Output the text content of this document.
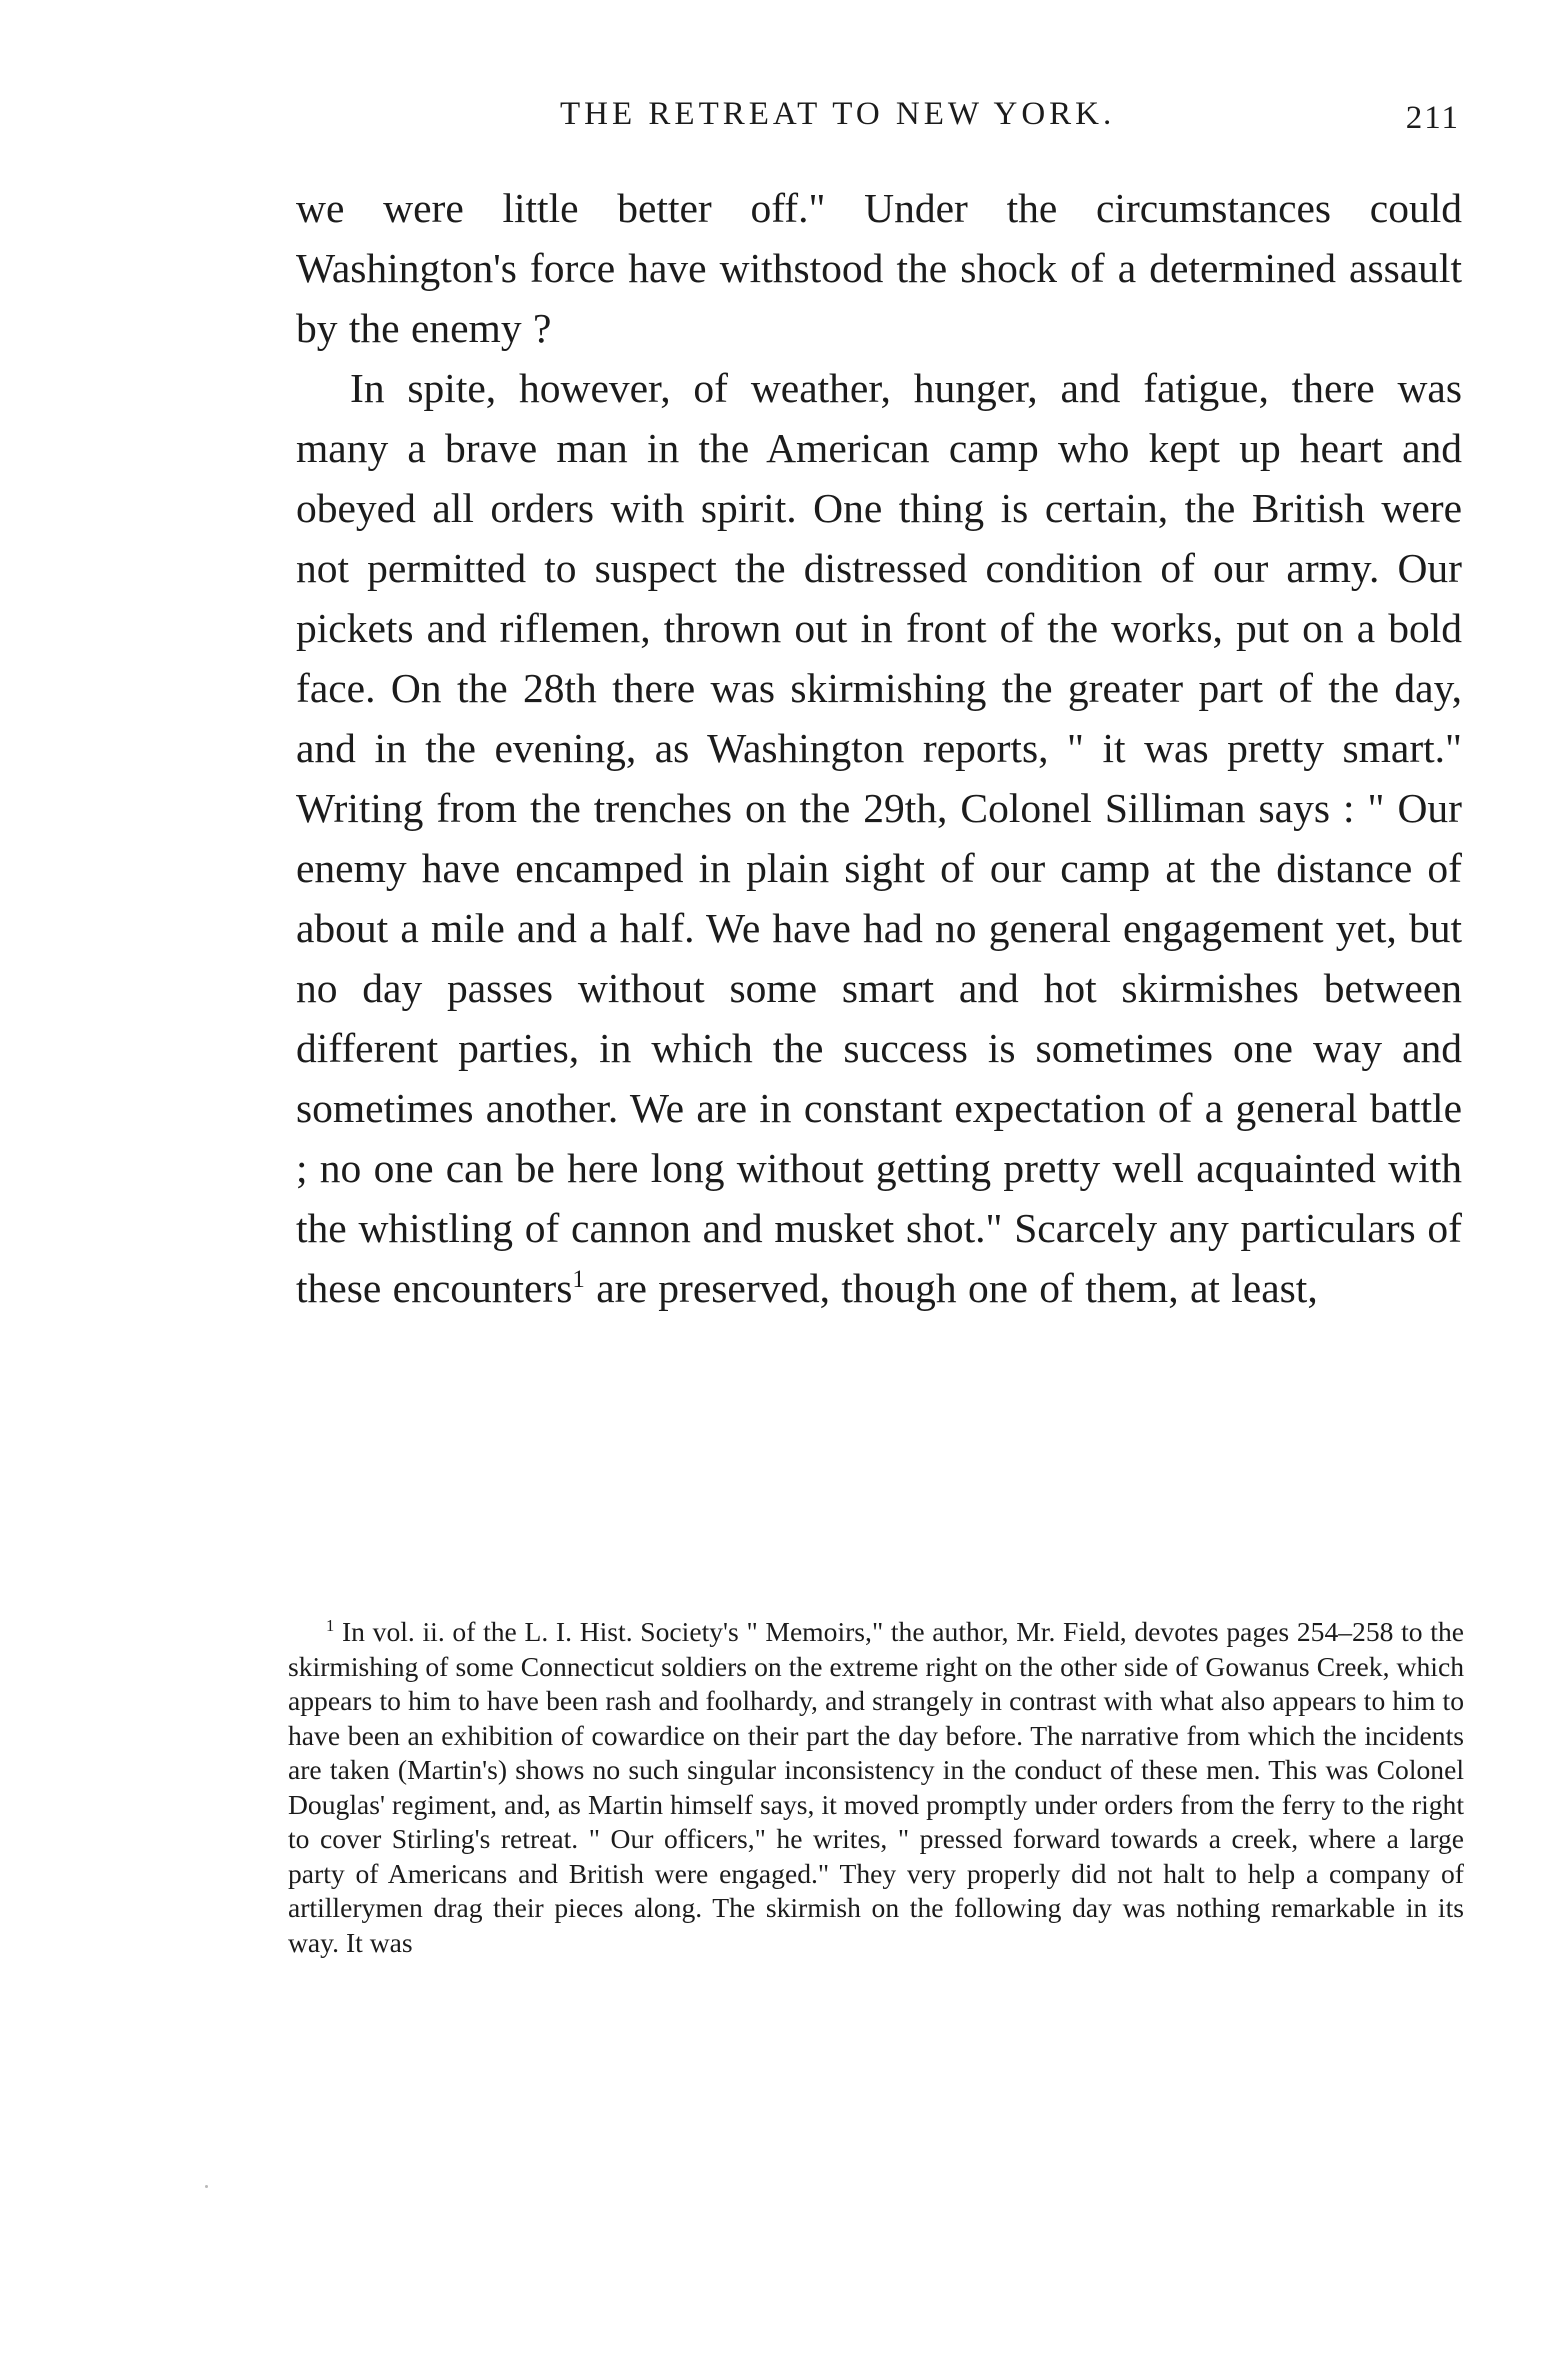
THE RETREAT TO NEW YORK.	211

we were little better off." Under the circumstances could Washington's force have withstood the shock of a determined assault by the enemy ?

In spite, however, of weather, hunger, and fatigue, there was many a brave man in the American camp who kept up heart and obeyed all orders with spirit. One thing is certain, the British were not permitted to suspect the distressed condition of our army. Our pickets and riflemen, thrown out in front of the works, put on a bold face. On the 28th there was skirmishing the greater part of the day, and in the evening, as Washington reports, " it was pretty smart." Writing from the trenches on the 29th, Colonel Silliman says : " Our enemy have encamped in plain sight of our camp at the distance of about a mile and a half. We have had no general engagement yet, but no day passes without some smart and hot skirmishes between different parties, in which the success is sometimes one way and sometimes another. We are in constant expectation of a general battle ; no one can be here long without getting pretty well acquainted with the whistling of cannon and musket shot." Scarcely any particulars of these encounters$^1$ are preserved, though one of them, at least,

$^1$ In vol. ii. of the L. I. Hist. Society's " Memoirs," the author, Mr. Field, devotes pages 254–258 to the skirmishing of some Connecticut soldiers on the extreme right on the other side of Gowanus Creek, which appears to him to have been rash and foolhardy, and strangely in contrast with what also appears to him to have been an exhibition of cowardice on their part the day before. The narrative from which the incidents are taken (Martin's) shows no such singular inconsistency in the conduct of these men. This was Colonel Douglas' regiment, and, as Martin himself says, it moved promptly under orders from the ferry to the right to cover Stirling's retreat. " Our officers," he writes, " pressed forward towards a creek, where a large party of Americans and British were engaged." They very properly did not halt to help a company of artillerymen drag their pieces along. The skirmish on the following day was nothing remarkable in its way. It was
